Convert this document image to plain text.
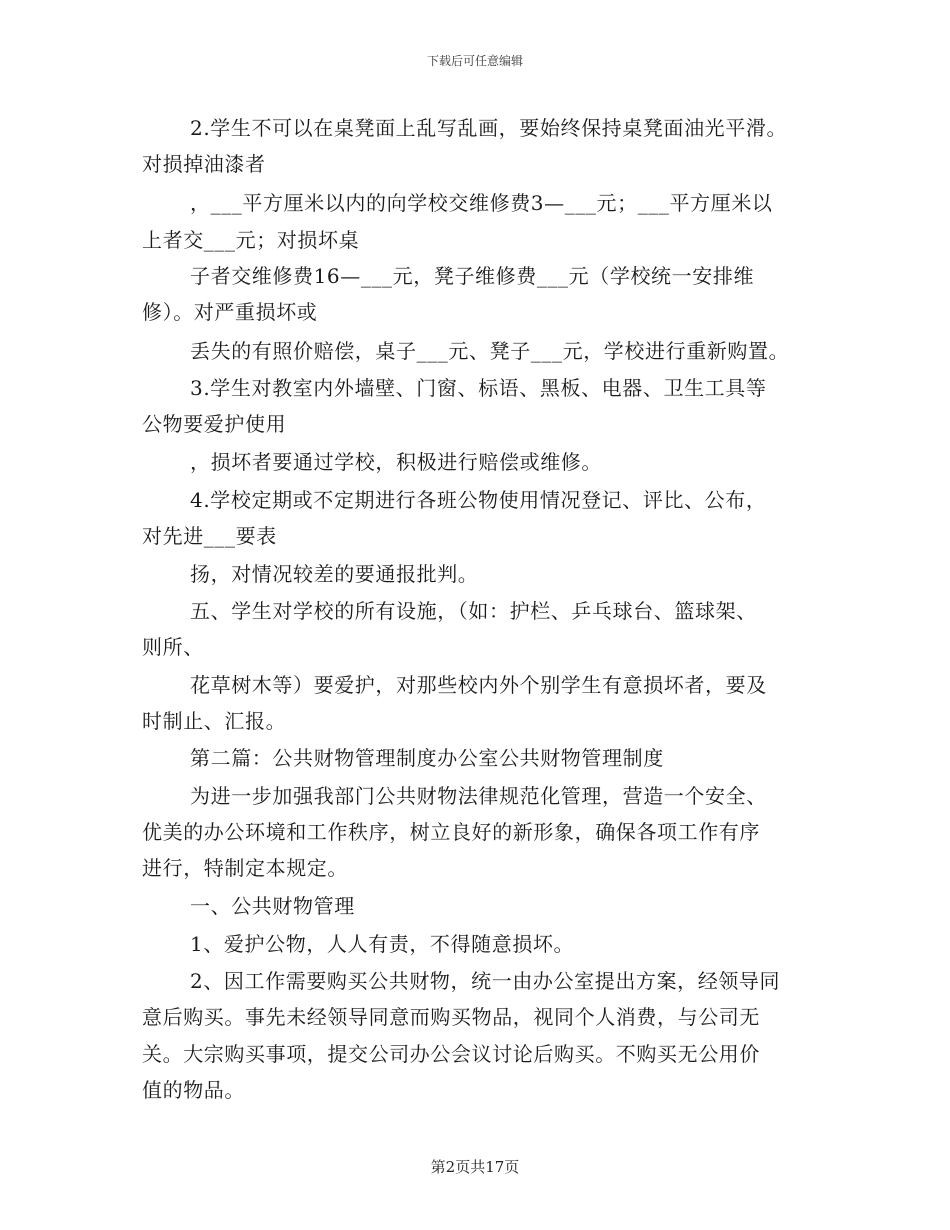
下载后可任意编辑
2.学生不可以在桌凳面上乱写乱画，要始终保持桌凳面油光平滑。
对损掉油漆者
，___平方厘米以内的向学校交维修费3—___元；___平方厘米以
上者交___元；对损坏桌
子者交维修费16—___元，凳子维修费___元（学校统一安排维
修）。对严重损坏或
丢失的有照价赔偿，桌子___元、凳子___元，学校进行重新购置。
3.学生对教室内外墙壁、门窗、标语、黑板、电器、卫生工具等
公物要爱护使用
，损坏者要通过学校，积极进行赔偿或维修。
4.学校定期或不定期进行各班公物使用情况登记、评比、公布，
对先进___要表
扬，对情况较差的要通报批判。
五、学生对学校的所有设施，（如：护栏、乒乓球台、篮球架、
则所、
花草树木等）要爱护，对那些校内外个别学生有意损坏者，要及
时制止、汇报。
第二篇：公共财物管理制度办公室公共财物管理制度
为进一步加强我部门公共财物法律规范化管理，营造一个安全、
优美的办公环境和工作秩序，树立良好的新形象，确保各项工作有序
进行，特制定本规定。
一、公共财物管理
1、爱护公物，人人有责，不得随意损坏。
2、因工作需要购买公共财物，统一由办公室提出方案，经领导同
意后购买。事先未经领导同意而购买物品，视同个人消费，与公司无
关。大宗购买事项，提交公司办公会议讨论后购买。不购买无公用价
值的物品。
第2页共17页
